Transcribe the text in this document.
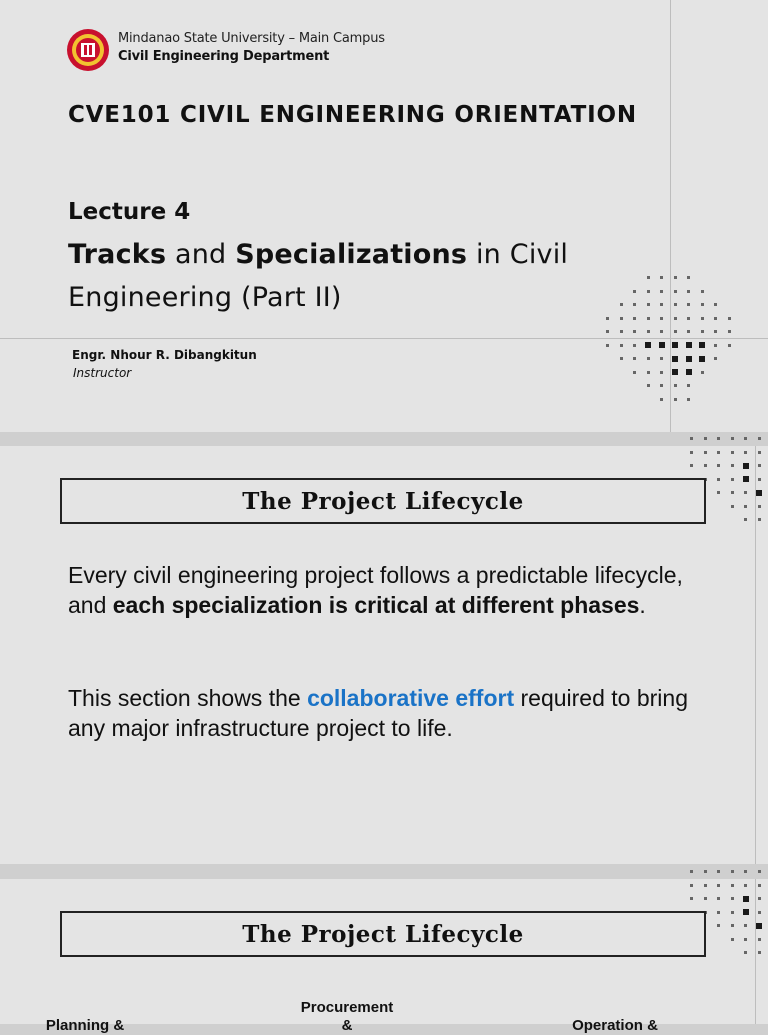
Mindanao State University – Main Campus
Civil Engineering Department
CVE101 CIVIL ENGINEERING ORIENTATION
Lecture 4
Tracks and Specializations in Civil Engineering (Part II)
Engr. Nhour R. Dibangkitun
Instructor
The Project Lifecycle
Every civil engineering project follows a predictable lifecycle, and each specialization is critical at different phases.
This section shows the collaborative effort required to bring any major infrastructure project to life.
The Project Lifecycle
Planning &
Procurement
&	Operation &
